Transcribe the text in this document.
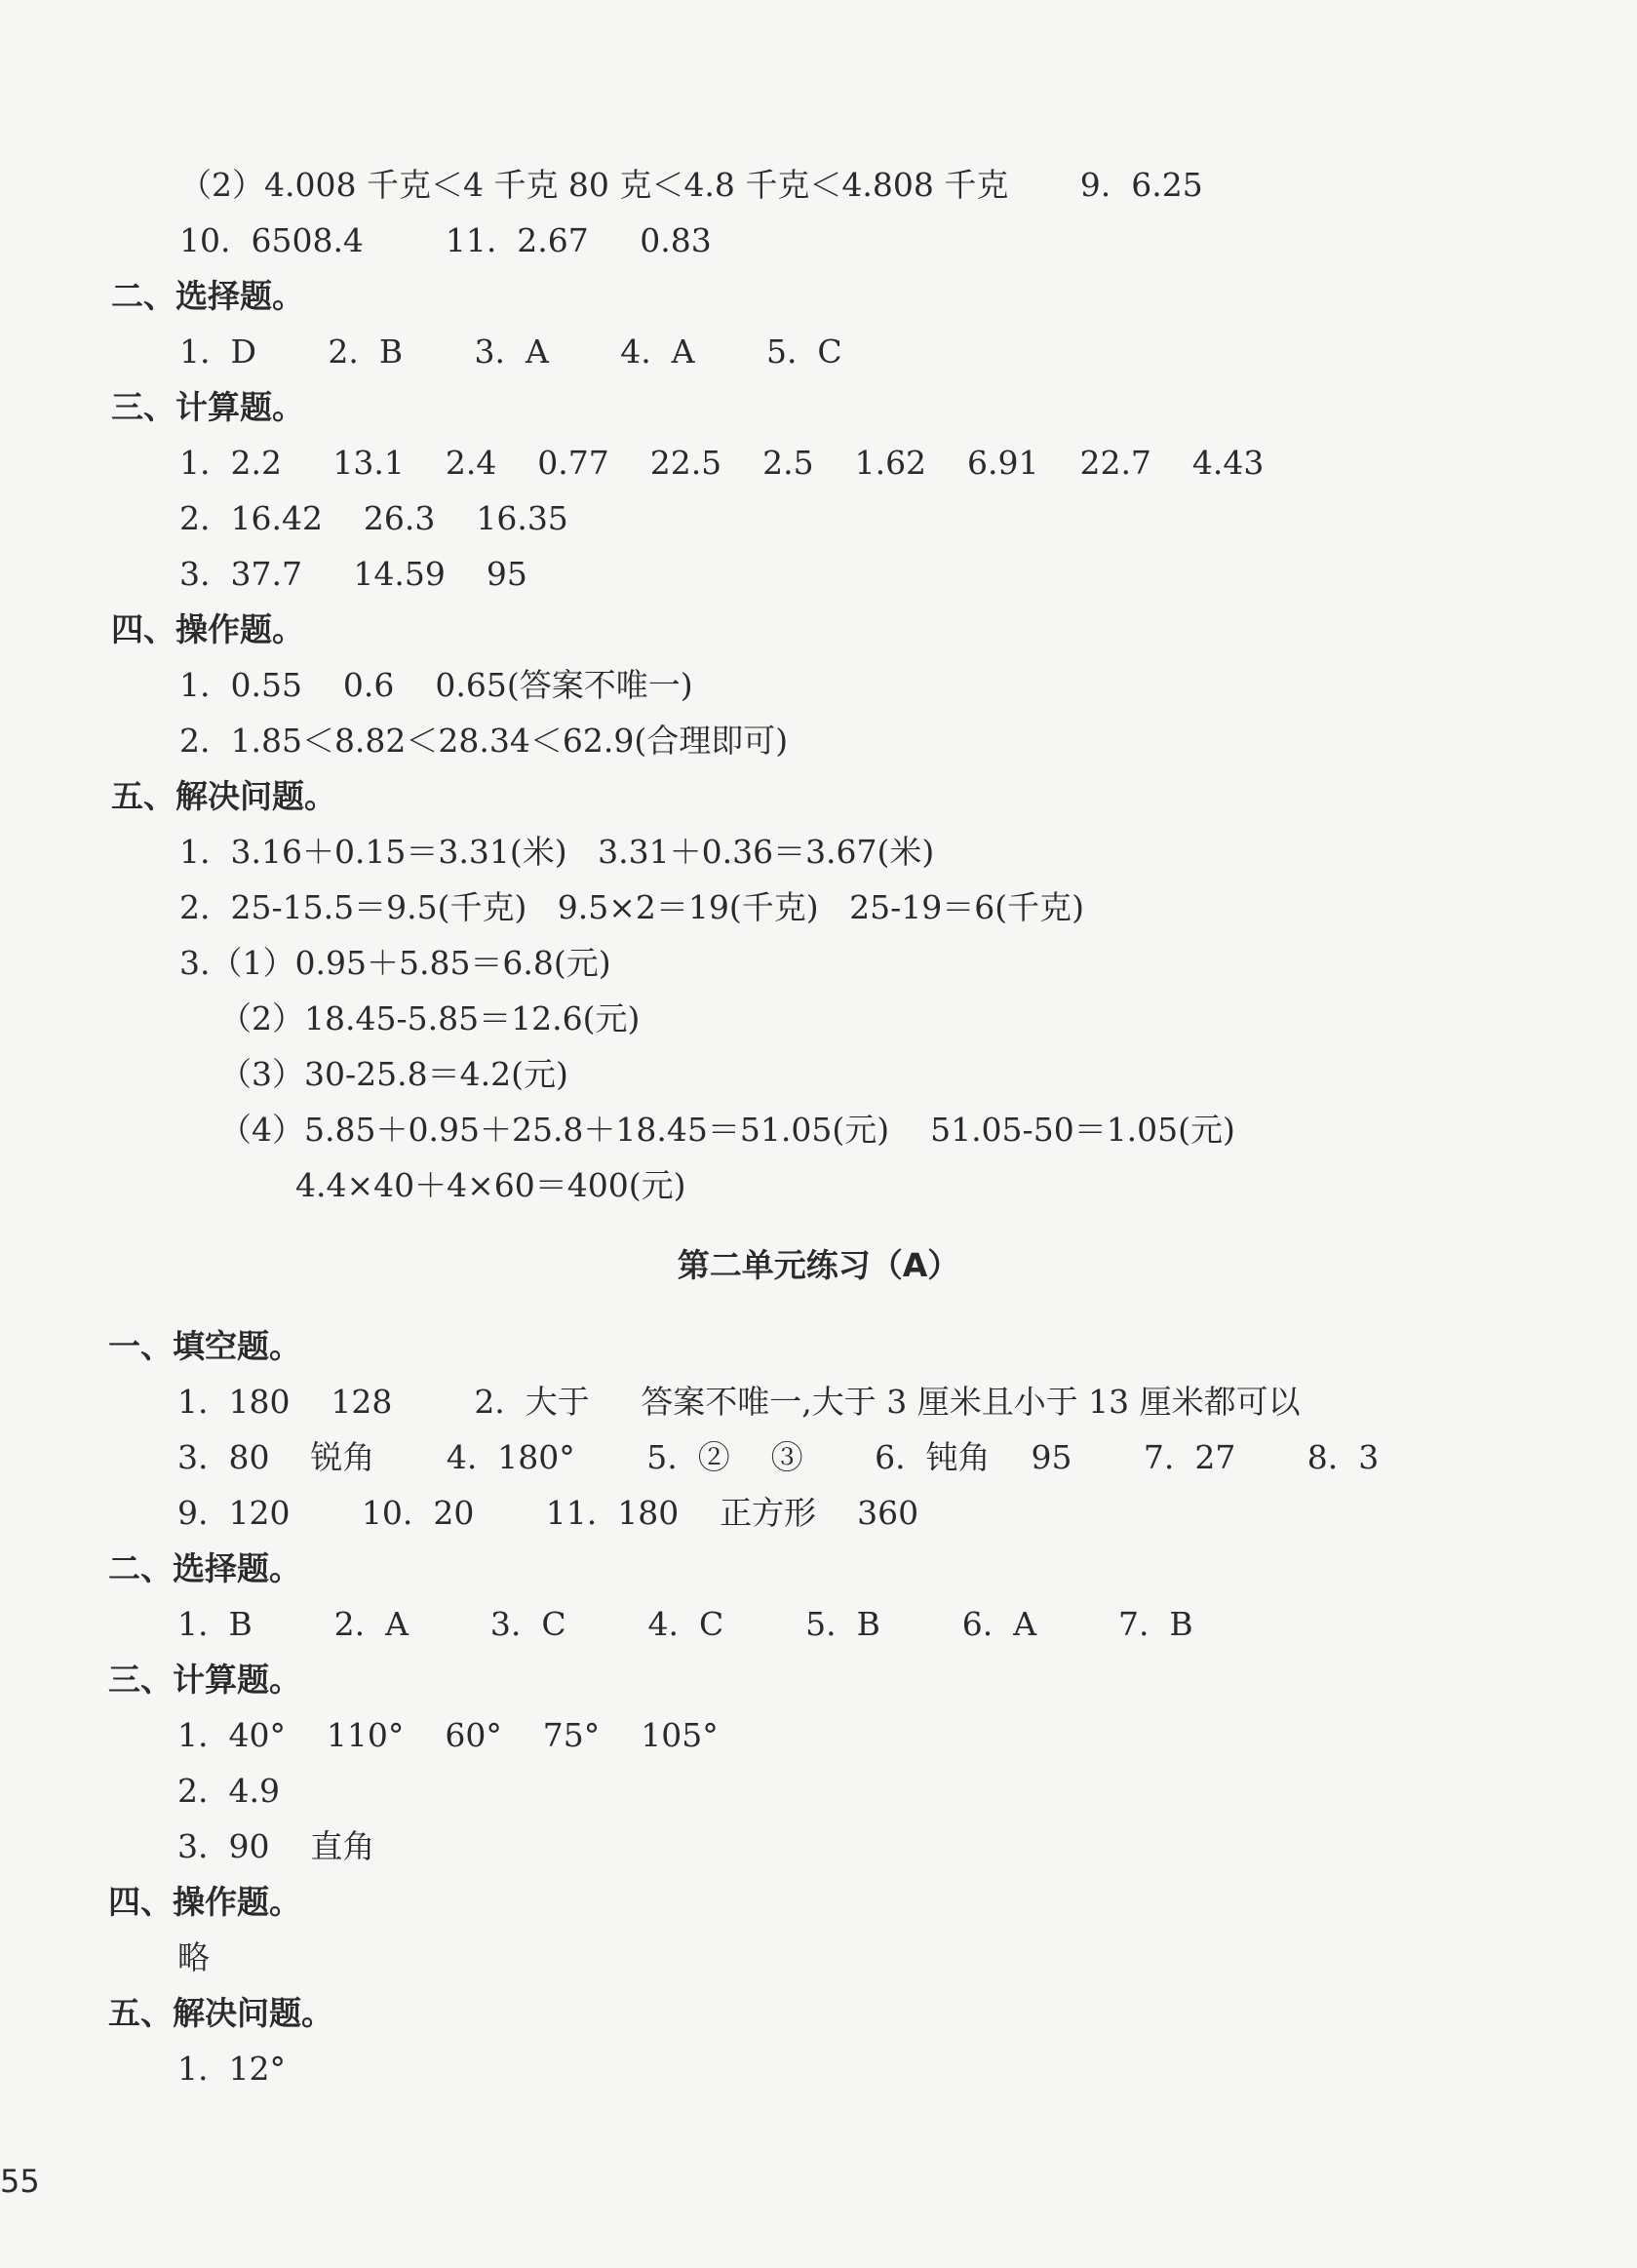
（2）4.008 千克＜4 千克 80 克＜4.8 千克＜4.808 千克       9.  6.25
10.  6508.4        11.  2.67     0.83
二、选择题。
1.  D       2.  B       3.  A       4.  A       5.  C
三、计算题。
1.  2.2     13.1    2.4    0.77    22.5    2.5    1.62    6.91    22.7    4.43
2.  16.42    26.3    16.35
3.  37.7     14.59    95
四、操作题。
1.  0.55    0.6    0.65(答案不唯一)
2.  1.85＜8.82＜28.34＜62.9(合理即可)
五、解决问题。
1.  3.16＋0.15＝3.31(米)   3.31＋0.36＝3.67(米)
2.  25-15.5＝9.5(千克)   9.5×2＝19(千克)   25-19＝6(千克)
3.（1）0.95＋5.85＝6.8(元)
（2）18.45-5.85＝12.6(元)
（3）30-25.8＝4.2(元)
（4）5.85＋0.95＋25.8＋18.45＝51.05(元)    51.05-50＝1.05(元)
4.4×40＋4×60＝400(元)
第二单元练习（A）
一、填空题。
1.  180    128        2.  大于     答案不唯一,大于 3 厘米且小于 13 厘米都可以
3.  80    锐角       4.  180°       5.  ②    ③       6.  钝角    95       7.  27       8.  3
9.  120       10.  20       11.  180    正方形    360
二、选择题。
1.  B        2.  A        3.  C        4.  C        5.  B        6.  A        7.  B
三、计算题。
1.  40°    110°    60°    75°    105°
2.  4.9
3.  90    直角
四、操作题。
略
五、解决问题。
1.  12°
55
